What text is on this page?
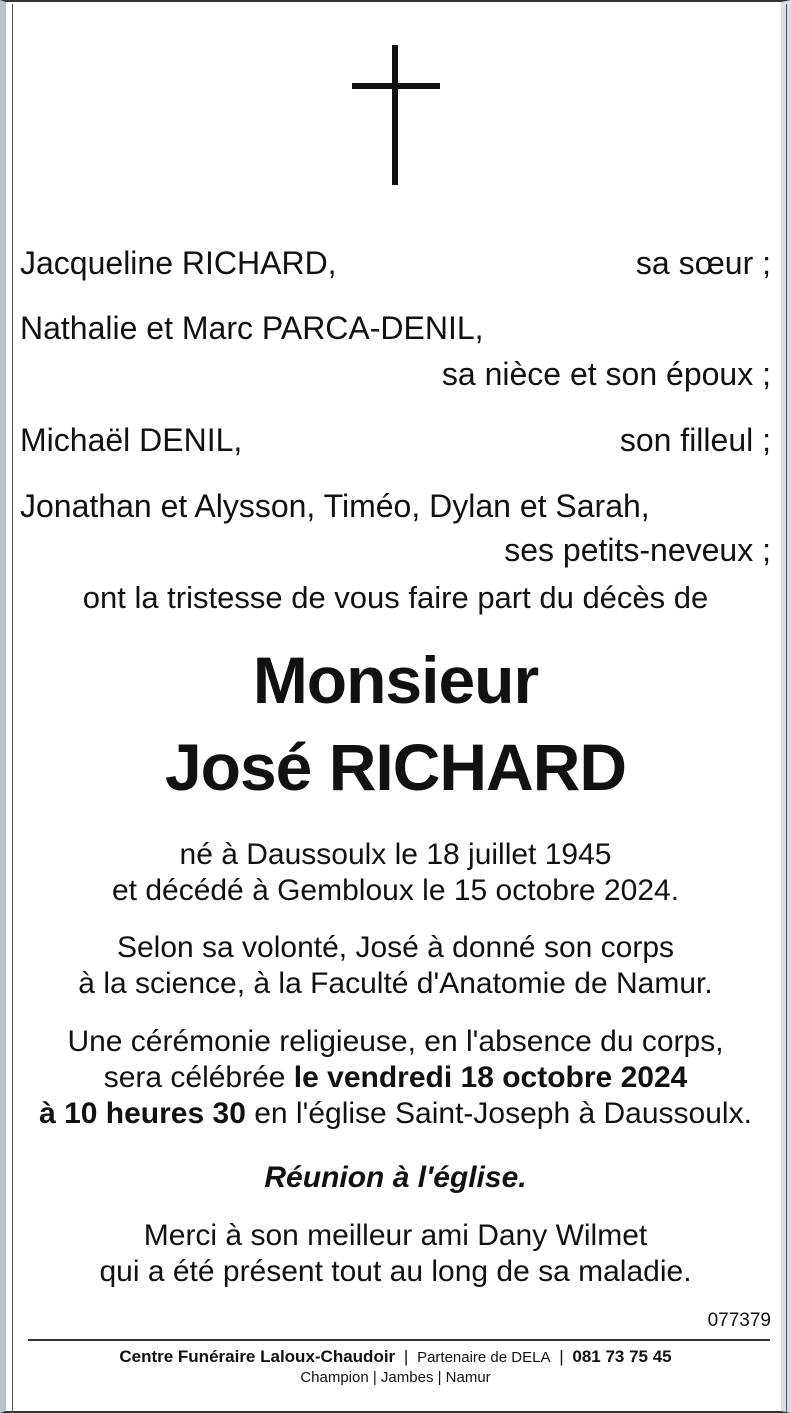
Jacqueline RICHARD,	sa sœur ;
Nathalie et Marc PARCA-DENIL,
sa nièce et son époux ;
Michaël DENIL,	son filleul ;
Jonathan et Alysson, Timéo, Dylan et Sarah,
ses petits-neveux ;
ont la tristesse de vous faire part du décès de
Monsieur
José RICHARD
né à Daussoulx le 18 juillet 1945
et décédé à Gembloux le 15 octobre 2024.
Selon sa volonté, José à donné son corps
à la science, à la Faculté d'Anatomie de Namur.
Une cérémonie religieuse, en l'absence du corps,
sera célébrée le vendredi 18 octobre 2024
à 10 heures 30 en l'église Saint-Joseph à Daussoulx.
Réunion à l'église.
Merci à son meilleur ami Dany Wilmet
qui a été présent tout au long de sa maladie.
077379
Centre Funéraire Laloux-Chaudoir | Partenaire de DELA | 081 73 75 45
Champion | Jambes | Namur
